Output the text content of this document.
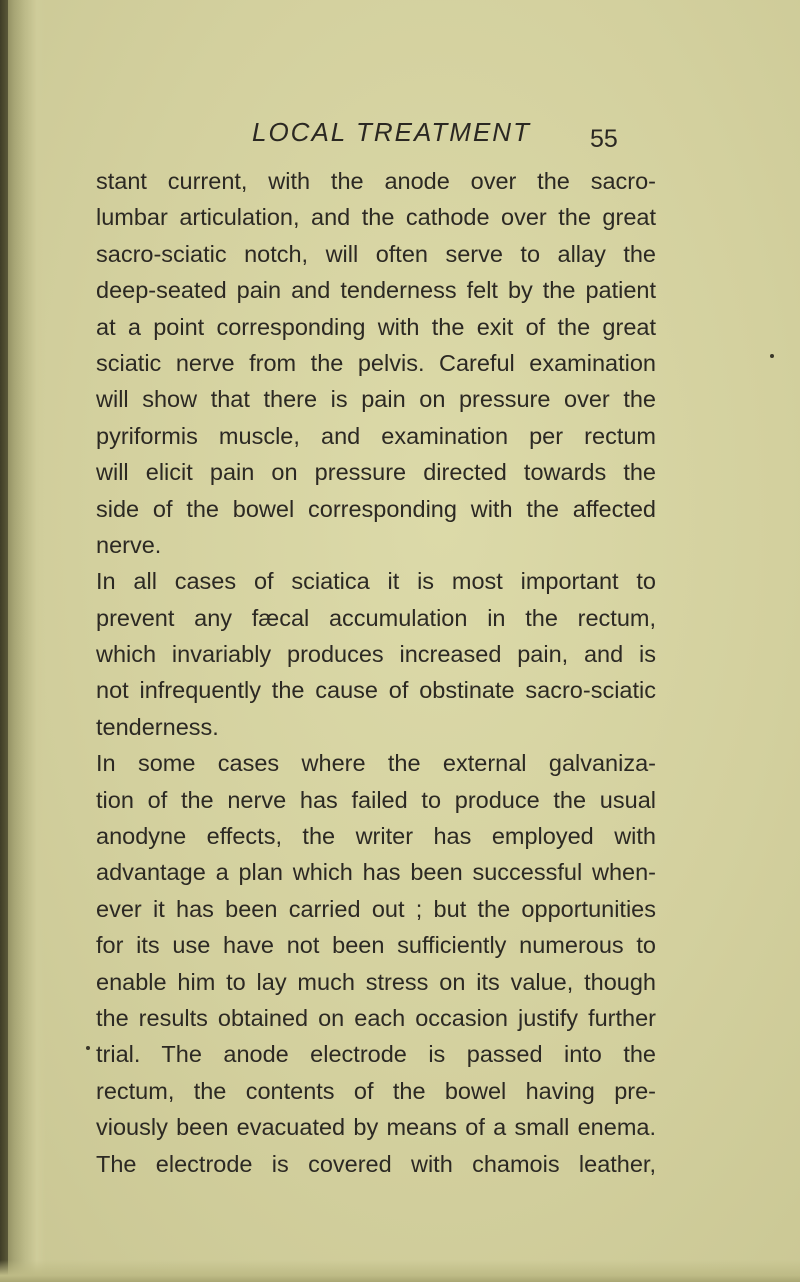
LOCAL TREATMENT 55
stant current, with the anode over the sacro-
lumbar articulation, and the cathode over the great
sacro-sciatic notch, will often serve to allay the
deep-seated pain and tenderness felt by the patient
at a point corresponding with the exit of the great
sciatic nerve from the pelvis. Careful examination
will show that there is pain on pressure over the
pyriformis muscle, and examination per rectum
will elicit pain on pressure directed towards the
side of the bowel corresponding with the affected
nerve.
In all cases of sciatica it is most important to
prevent any fæcal accumulation in the rectum,
which invariably produces increased pain, and is
not infrequently the cause of obstinate sacro-sciatic
tenderness.
In some cases where the external galvaniza-
tion of the nerve has failed to produce the usual
anodyne effects, the writer has employed with
advantage a plan which has been successful when-
ever it has been carried out ; but the opportunities
for its use have not been sufficiently numerous to
enable him to lay much stress on its value, though
the results obtained on each occasion justify further
trial. The anode electrode is passed into the
rectum, the contents of the bowel having pre-
viously been evacuated by means of a small enema.
The electrode is covered with chamois leather,
